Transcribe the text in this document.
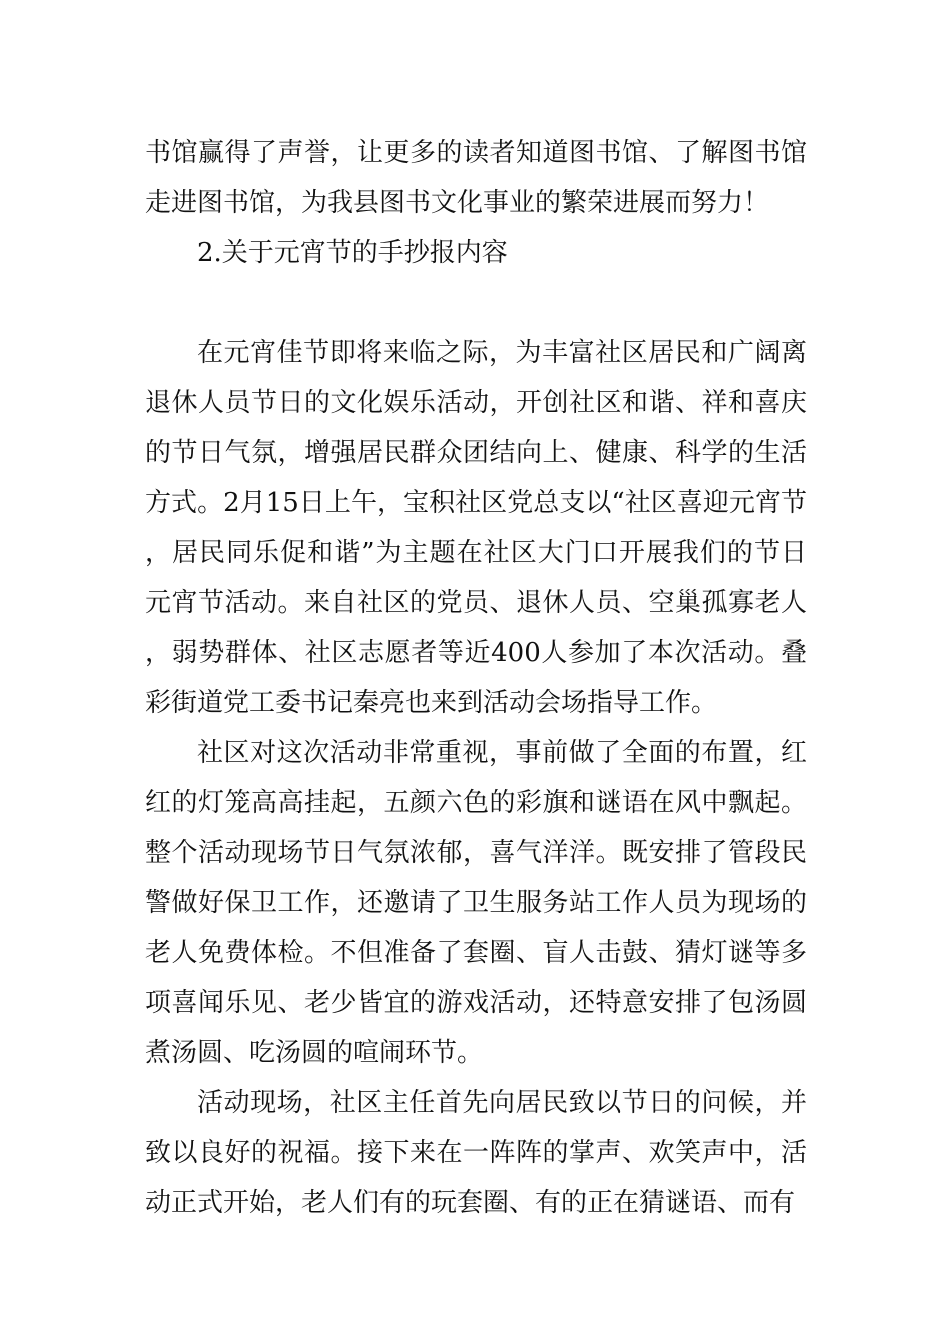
书馆赢得了声誉，让更多的读者知道图书馆、了解图书馆走进图书馆，为我县图书文化事业的繁荣进展而努力！

2.关于元宵节的手抄报内容

在元宵佳节即将来临之际，为丰富社区居民和广阔离退休人员节日的文化娱乐活动，开创社区和谐、祥和喜庆的节日气氛，增强居民群众团结向上、健康、科学的生活方式。2月15日上午，宝积社区党总支以“社区喜迎元宵节，居民同乐促和谐”为主题在社区大门口开展我们的节日元宵节活动。来自社区的党员、退休人员、空巢孤寡老人，弱势群体、社区志愿者等近400人参加了本次活动。叠彩街道党工委书记秦亮也来到活动会场指导工作。

社区对这次活动非常重视，事前做了全面的布置，红红的灯笼高高挂起，五颜六色的彩旗和谜语在风中飘起。整个活动现场节日气氛浓郁，喜气洋洋。既安排了管段民警做好保卫工作，还邀请了卫生服务站工作人员为现场的老人免费体检。不但准备了套圈、盲人击鼓、猜灯谜等多项喜闻乐见、老少皆宜的游戏活动，还特意安排了包汤圆煮汤圆、吃汤圆的喧闹环节。

活动现场，社区主任首先向居民致以节日的问候，并致以良好的祝福。接下来在一阵阵的掌声、欢笑声中，活动正式开始，老人们有的玩套圈、有的正在猜谜语、而有
